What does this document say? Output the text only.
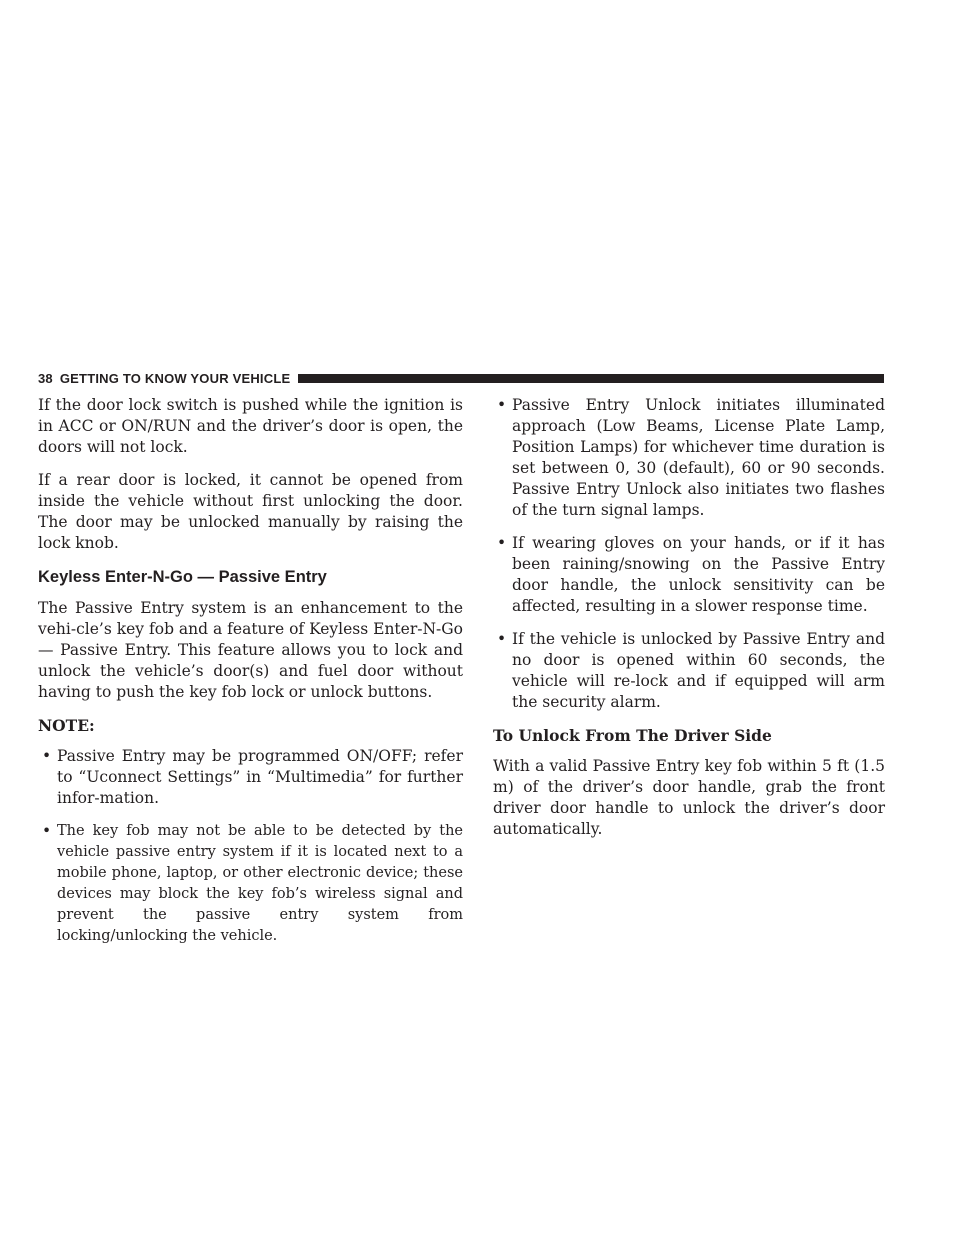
38 GETTING TO KNOW YOUR VEHICLE

If the door lock switch is pushed while the ignition is in ACC or ON/RUN and the driver’s door is open, the doors will not lock.

If a rear door is locked, it cannot be opened from inside the vehicle without first unlocking the door. The door may be unlocked manually by raising the lock knob.

Keyless Enter-N-Go — Passive Entry

The Passive Entry system is an enhancement to the vehi-cle’s key fob and a feature of Keyless Enter-N-Go — Passive Entry. This feature allows you to lock and unlock the vehicle’s door(s) and fuel door without having to push the key fob lock or unlock buttons.

NOTE:
• Passive Entry may be programmed ON/OFF; refer to “Uconnect Settings” in “Multimedia” for further infor-mation.
• The key fob may not be able to be detected by the vehicle passive entry system if it is located next to a mobile phone, laptop, or other electronic device; these devices may block the key fob’s wireless signal and prevent the passive entry system from locking/unlocking the vehicle.
• Passive Entry Unlock initiates illuminated approach (Low Beams, License Plate Lamp, Position Lamps) for whichever time duration is set between 0, 30 (default), 60 or 90 seconds. Passive Entry Unlock also initiates two flashes of the turn signal lamps.
• If wearing gloves on your hands, or if it has been raining/snowing on the Passive Entry door handle, the unlock sensitivity can be affected, resulting in a slower response time.
• If the vehicle is unlocked by Passive Entry and no door is opened within 60 seconds, the vehicle will re-lock and if equipped will arm the security alarm.
To Unlock From The Driver Side

With a valid Passive Entry key fob within 5 ft (1.5 m) of the driver’s door handle, grab the front driver door handle to unlock the driver’s door automatically.
